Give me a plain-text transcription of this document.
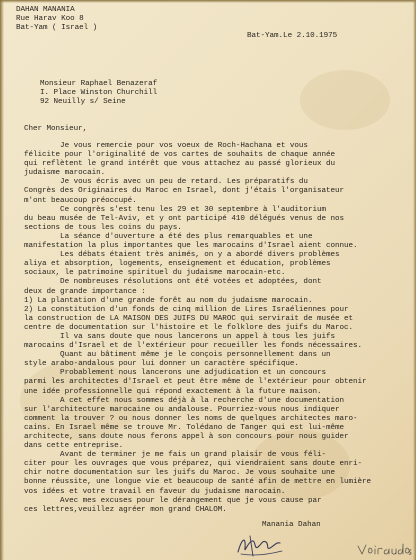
DAHAN MANANIA
Rue Harav Koo 8
Bat-Yam ( Israel )
Bat-Yam.Le 2.10.1975
Monsieur Raphael Benazeraf
I. Place Winston Churchill
92 Neuilly s/ Seine
Cher Monsieur,
Je vous remercie pour vos voeux de Roch-Hachana et vous
félicite pour l'originalité de vos cartes de souhaits de chaque année
qui reflètent le grand intérêt que vous attachez au passé glorieux du
judaisme marocain.
Je vous écris avec un peu de retard. Les préparatifs du
Congrès des Originaires du Maroc en Israel, dont j'étais l'organisateur
m'ont beaucoup préoccupé.
Ce congrès s'est tenu les 29 et 30 septembre à l'auditorium
du beau musée de Tel-Aviv, et y ont participé 410 délégués venus de nos
sections de tous les coins du pays.
La séance d'ouverture a été des plus remarquables et une
manifestation la plus importantes que les marocains d'Israel aient connue.
Les débats étaient très animés, on y a abordé divers problèmes
aliya et absorption, logements, enseignement et éducation, problèmes
sociaux, le patrimoine spirituel du judaisme marocain-etc.
De nombreuses résolutions ont été votées et adoptées, dont
deux de grande importance :
1) La plantation d'une grande forêt au nom du judaisme marocain.
2) La constitution d'un fonds de cinq million de Lires Israéliennes pour
la construction de LA MAISON DES JUIFS DU MAROC qui servirait de musée et
centre de documentation sur l'histoire et le folklore des juifs du Maroc.
Il va sans doute que nous lancerons un appel à tous les juifs
marocains d'Israel et de l'extérieur pour recueiller les fonds nécessaires.
Quant au bâtiment même je le conçois personnellement dans un
style arabo-andalous pour lui donner un caractère spécifique.
Probablement nous lancerons une adjudication et un concours
parmi les architectes d'Israel et peut être même de l'extérieur pour obtenir
une idée professionnelle qui répond exactement à la future maison.
A cet effet nous sommes déjà à la recherche d'une documentation
sur l'architecture marocaine ou andalouse. Pourriez-vous nous indiquer
comment la trouver ? ou nous donner les noms de quelques architectes maro-
cains. En Israel même se trouve Mr. Tolédano de Tanger qui est lui-même
architecte, sans doute nous ferons appel à son concours pour nous guider
dans cette entreprise.
Avant de terminer je me fais un grand plaisir de vous féli-
citer pour les ouvrages que vous préparez, qui viendraient sans doute enri-
chir notre documentation sur les juifs du Maroc. Je vous souhaite une
bonne réussite, une longue vie et beaucoup de santé afin de mettre en lumière
vos idées et votre travail en faveur du judaisme marocain.
Avec mes excuses pour le dérangement que je vous cause par
ces lettres,veuillez agréer mon grand CHALOM.
Manania Dahan
